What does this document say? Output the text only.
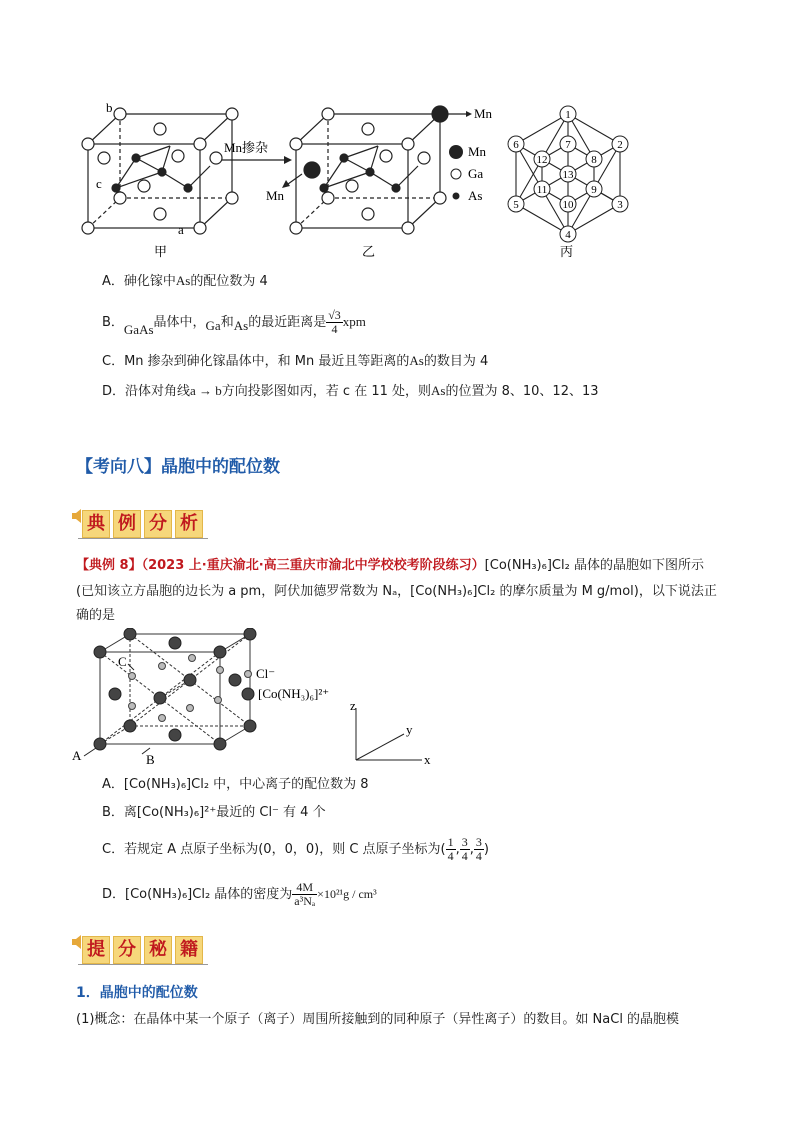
b
c
a
甲
Mn掺杂
Mn
Mn
乙
Mn
Ga
As
1
2
3
4
5
6	7
8
9
10
11
12
13
丙
A．砷化镓中As的配位数为 4
B．GaAs晶体中，Ga和As的最近距离是 $\frac{√3}{4}$ xpm
C．Mn 掺杂到砷化镓晶体中，和 Mn 最近且等距离的As的数目为 4
D．沿体对角线a → b方向投影图如丙，若 c 在 11 处，则As的位置为 8、10、12、13
【考向八】晶胞中的配位数
典 例 分 析
【典例 8】（2023 上·重庆渝北·高三重庆市渝北中学校校考阶段练习）[Co(NH₃)₆]Cl₂ 晶体的晶胞如下图所示
(已知该立方晶胞的边长为 a pm，阿伏加德罗常数为 Nₐ，[Co(NH₃)₆]Cl₂ 的摩尔质量为 M g/mol)，以下说法正
确的是
C
A	B
Cl⁻
[Co(NH₃)₆]²⁺
z
y
x
A．[Co(NH₃)₆]Cl₂ 中，中心离子的配位数为 8
B．离[Co(NH₃)₆]²⁺最近的 Cl⁻ 有 4 个
C．若规定 A 点原子坐标为(0，0，0)，则 C 点原子坐标为( $\frac{1}{4}$ , $\frac{3}{4}$ , $\frac{3}{4}$ )
D．[Co(NH₃)₆]Cl₂ 晶体的密度为 $\frac{4M}{\text{a³Nₐ}} \times 10^{21}g / cm^3$
提 分 秘 籍
1．晶胞中的配位数
(1)概念：在晶体中某一个原子（离子）周围所接触到的同种原子（异性离子）的数目。如 NaCl 的晶胞模
